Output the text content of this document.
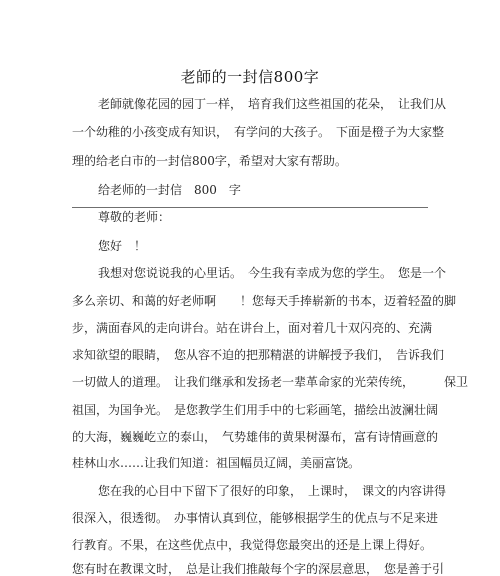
老師的一封信800字
老師就像花园的园丁一样，　培育我们这些祖国的花朵，　让我们从
一个幼稚的小孩变成有知识，　有学问的大孩子。　下面是橙子为大家整
理的给老白市的一封信800字，希望对大家有帮助。
给老师的一封信　800　字
尊敬的老师：
您好　！
我想对您说说我的心里话。　今生我有幸成为您的学生。　您是一个
多么亲切、和蔼的好老师啊　　！您每天手捧崭新的书本，迈着轻盈的脚
步，满面春风的走向讲台。站在讲台上，面对着几十双闪亮的、充满
求知欲望的眼睛，　您从容不迫的把那精湛的讲解授予我们，　告诉我们
一切做人的道理。　让我们继承和发扬老一辈革命家的光荣传统，　　　保卫
祖国，为国争光。　是您教学生们用手中的七彩画笔，描绘出波澜壮阔
的大海，巍巍屹立的泰山，　气势雄伟的黄果树瀑布，富有诗情画意的
桂林山水……让我们知道：祖国幅员辽阔，美丽富饶。
您在我的心目中下留下了很好的印象，　上课时，　课文的内容讲得
很深入，很透彻。　办事情认真到位，能够根据学生的优点与不足来进
行教育。不果，在这些优点中，我觉得您最突出的还是上课上得好。
您有时在教课文时，　总是让我们推敲每个字的深层意思，　您是善于引
